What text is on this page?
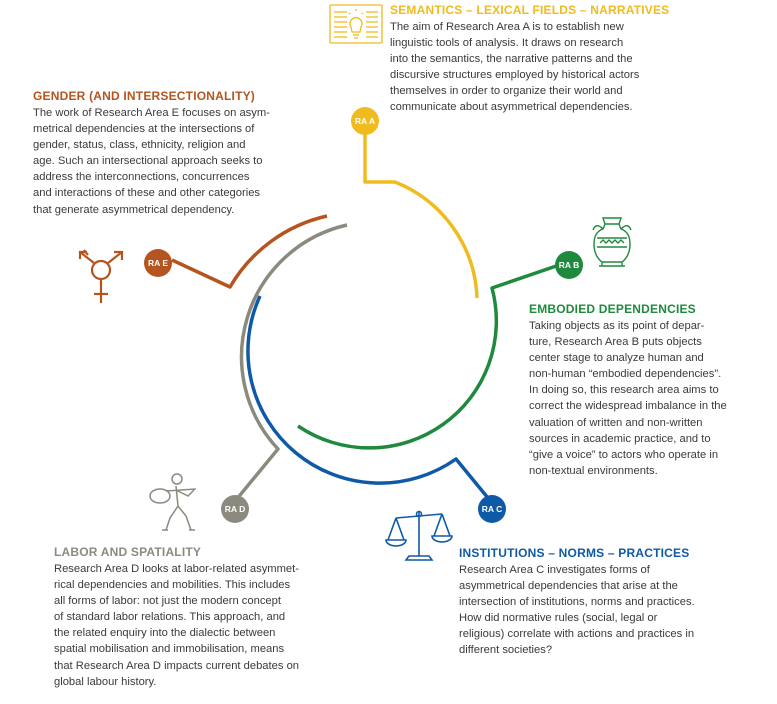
RA A
RA B
RA C
RA D
RA E
SEMANTICS – LEXICAL FIELDS – NARRATIVES
The aim of Research Area A is to establish new
linguistic tools of analysis. It draws on research
into the semantics, the narrative patterns and the
discursive structures employed by historical actors
themselves in order to organize their world and
communicate about asymmetrical dependencies.
GENDER (AND INTERSECTIONALITY)
The work of Research Area E focuses on asym-
metrical dependencies at the intersections of
gender, status, class, ethnicity, religion and
age. Such an intersectional approach seeks to
address the interconnections, concurrences
and interactions of these and other categories
that generate asymmetrical dependency.
EMBODIED DEPENDENCIES
Taking objects as its point of depar-
ture, Research Area B puts objects
center stage to analyze human and
non-human “embodied dependencies”.
In doing so, this research area aims to
correct the widespread imbalance in the
valuation of written and non-written
sources in academic practice, and to
“give a voice” to actors who operate in
non-textual environments.
INSTITUTIONS – NORMS – PRACTICES
Research Area C investigates forms of
asymmetrical dependencies that arise at the
intersection of institutions, norms and practices.
How did normative rules (social, legal or
religious) correlate with actions and practices in
different societies?
LABOR AND SPATIALITY
Research Area D looks at labor-related asymmet-
rical dependencies and mobilities. This includes
all forms of labor: not just the modern concept
of standard labor relations. This approach, and
the related enquiry into the dialectic between
spatial mobilisation and immobilisation, means
that Research Area D impacts current debates on
global labour history.
